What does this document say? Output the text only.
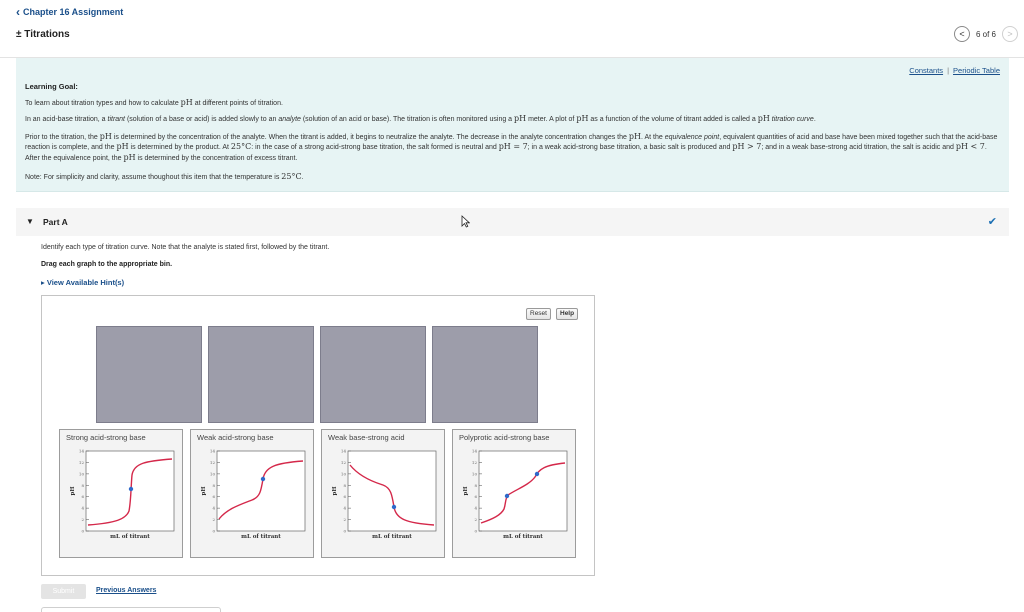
‹ Chapter 16 Assignment
± Titrations	<	6 of 6	>
Constants | Periodic Table
Learning Goal:

To learn about titration types and how to calculate pH at different points of titration.

In an acid-base titration, a titrant (solution of a base or acid) is added slowly to an analyte (solution of an acid or base). The titration is often monitored using a pH meter. A plot of pH as a function of the volume of titrant added is called a pH titration curve.

Prior to the titration, the pH is determined by the concentration of the analyte. When the titrant is added, it begins to neutralize the analyte. The decrease in the analyte concentration changes the pH. At the equivalence point, equivalent quantities of acid and base have been mixed together such that the acid-base reaction is complete, and the pH is determined by the product. At 25°C: in the case of a strong acid-strong base titration, the salt formed is neutral and pH = 7; in a weak acid-strong base titration, a basic salt is produced and pH > 7; and in a weak base-strong acid titration, the salt is acidic and pH < 7. After the equivalence point, the pH is determined by the concentration of excess titrant.

Note: For simplicity and clarity, assume thoughout this item that the temperature is 25°C.

▼ Part A	✔
Identify each type of titration curve. Note that the analyte is stated first, followed by the titrant.
Drag each graph to the appropriate bin.
▸ View Available Hint(s)
Reset	Help
Strong acid-strong base
14
12
10
8
6
4
2
0
pH
mL of titrant
Weak acid-strong base
14
12
10
8
6
4
2
0
pH
mL of titrant
Weak base-strong acid
14
12
10
8
6
4
2
0
pH
mL of titrant
Polyprotic acid-strong base
14
12
10
8
6
4
2
0
pH
mL of titrant
Submit	Previous Answers
